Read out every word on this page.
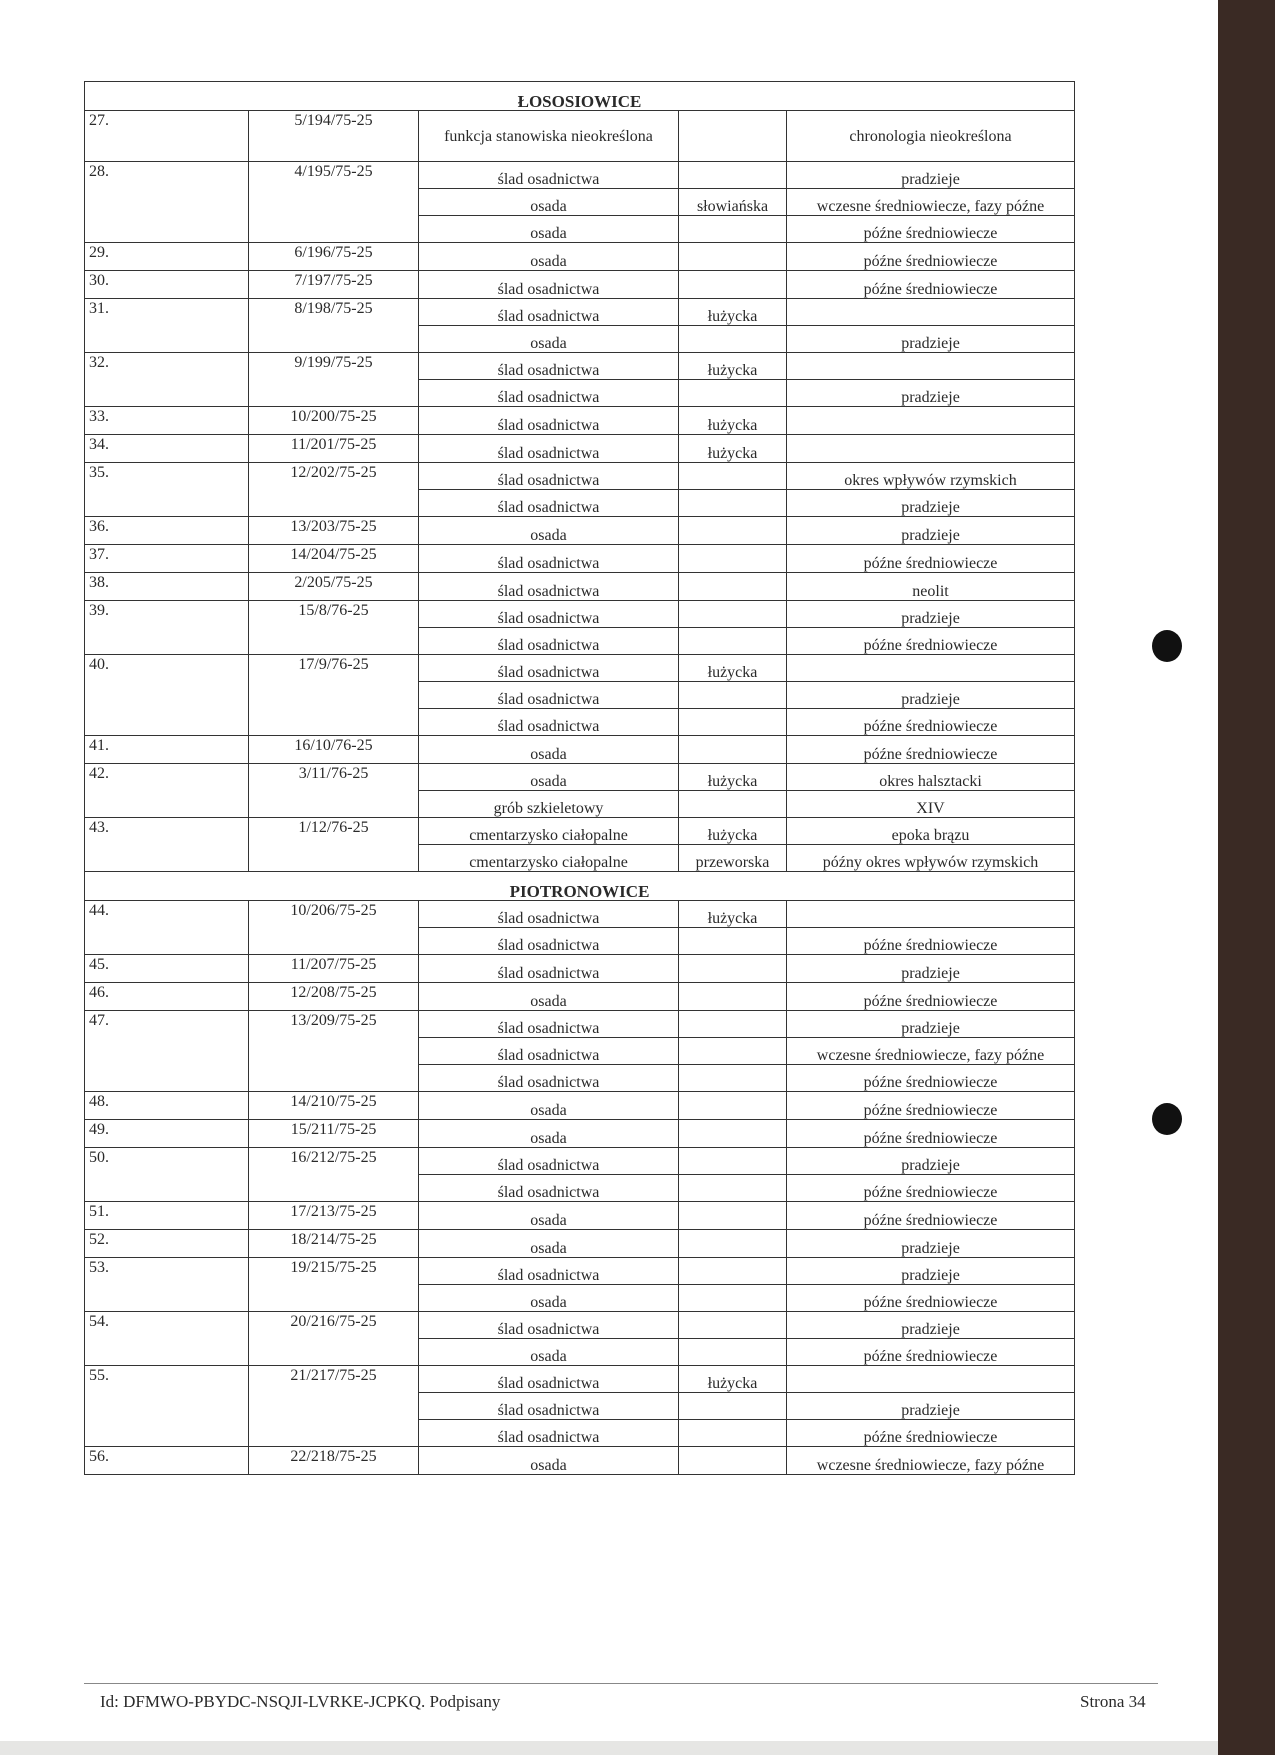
ŁOSOSIOWICE				
27.	5/194/75-25	funkcja stanowiska nieokreślona		chronologia nieokreślona
28.	4/195/75-25	ślad osadnictwa		pradzieje
		osada	słowiańska	wczesne średniowiecze, fazy późne
		osada		późne średniowiecze
29.	6/196/75-25	osada		późne średniowiecze
30.	7/197/75-25	ślad osadnictwa		późne średniowiecze
31.	8/198/75-25	ślad osadnictwa	łużycka	
		osada		pradzieje
32.	9/199/75-25	ślad osadnictwa	łużycka	
		ślad osadnictwa		pradzieje
33.	10/200/75-25	ślad osadnictwa	łużycka	
34.	11/201/75-25	ślad osadnictwa	łużycka	
35.	12/202/75-25	ślad osadnictwa		okres wpływów rzymskich
		ślad osadnictwa		pradzieje
36.	13/203/75-25	osada		pradzieje
37.	14/204/75-25	ślad osadnictwa		późne średniowiecze
38.	2/205/75-25	ślad osadnictwa		neolit
39.	15/8/76-25	ślad osadnictwa		pradzieje
		ślad osadnictwa		późne średniowiecze
40.	17/9/76-25	ślad osadnictwa	łużycka	
		ślad osadnictwa		pradzieje
		ślad osadnictwa		późne średniowiecze
41.	16/10/76-25	osada		późne średniowiecze
42.	3/11/76-25	osada	łużycka	okres halsztacki
		grób szkieletowy		XIV
43.	1/12/76-25	cmentarzysko ciałopalne	łużycka	epoka brązu
		cmentarzysko ciałopalne	przeworska	późny okres wpływów rzymskich
PIOTRONOWICE				
44.	10/206/75-25	ślad osadnictwa	łużycka	
		ślad osadnictwa		późne średniowiecze
45.	11/207/75-25	ślad osadnictwa		pradzieje
46.	12/208/75-25	osada		późne średniowiecze
47.	13/209/75-25	ślad osadnictwa		pradzieje
		ślad osadnictwa		wczesne średniowiecze, fazy późne
		ślad osadnictwa		późne średniowiecze
48.	14/210/75-25	osada		późne średniowiecze
49.	15/211/75-25	osada		późne średniowiecze
50.	16/212/75-25	ślad osadnictwa		pradzieje
		ślad osadnictwa		późne średniowiecze
51.	17/213/75-25	osada		późne średniowiecze
52.	18/214/75-25	osada		pradzieje
53.	19/215/75-25	ślad osadnictwa		pradzieje
		osada		późne średniowiecze
54.	20/216/75-25	ślad osadnictwa		pradzieje
		osada		późne średniowiecze
55.	21/217/75-25	ślad osadnictwa	łużycka	
		ślad osadnictwa		pradzieje
		ślad osadnictwa		późne średniowiecze
56.	22/218/75-25	osada		wczesne średniowiecze, fazy późne
Id: DFMWO-PBYDC-NSQJI-LVRKE-JCPKQ. Podpisany	Strona 34
